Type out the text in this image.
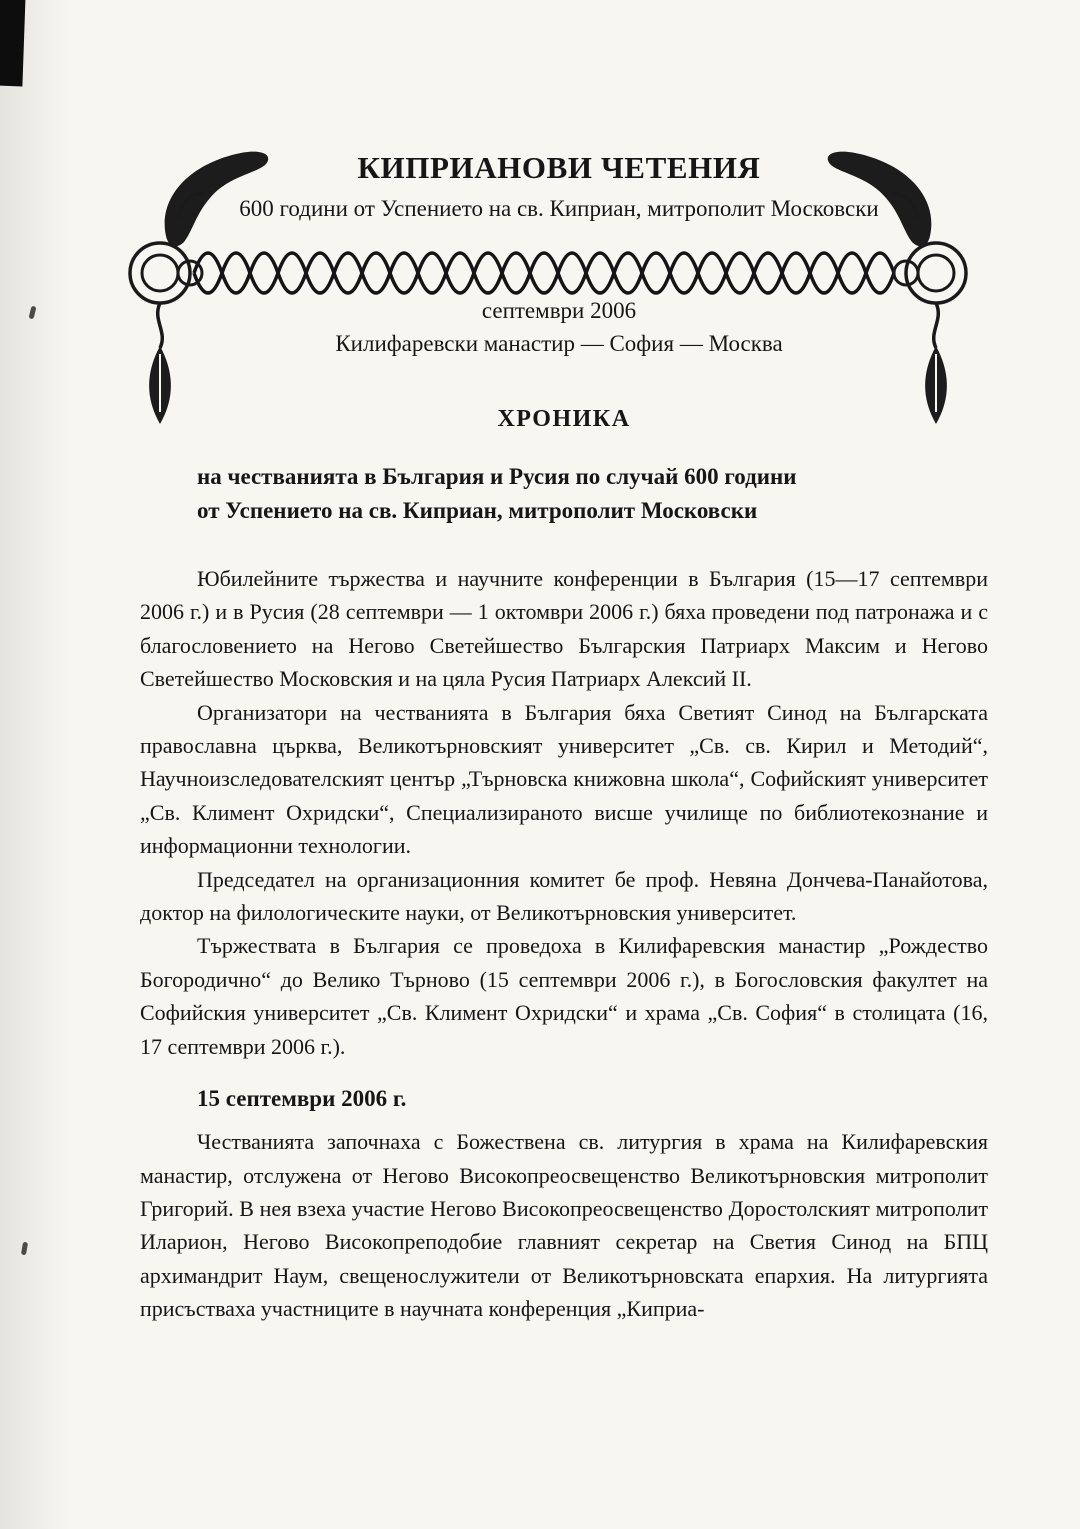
КИПРИАНОВИ ЧЕТЕНИЯ
600 години от Успението на св. Киприан, митрополит Московски
септември 2006
Килифаревски манастир — София — Москва
ХРОНИКА
на честванията в България и Русия по случай 600 години
от Успението на св. Киприан, митрополит Московски

Юбилейните тържества и научните конференции в България (15—17 септември 2006 г.) и в Русия (28 септември — 1 октомври 2006 г.) бяха проведени под патронажа и с благословението на Негово Светейшество Българския Патриарх Максим и Негово Светейшество Московския и на цяла Русия Патриарх Алексий II.

Организатори на честванията в България бяха Светият Синод на Българската православна църква, Великотърновският университет „Св. св. Кирил и Методий“, Научноизследователският център „Търновска книжовна школа“, Софийският университет „Св. Климент Охридски“, Специализираното висше училище по библиотекознание и информационни технологии.

Председател на организационния комитет бе проф. Невяна Дончева-Панайотова, доктор на филологическите науки, от Великотърновския университет.

Тържествата в България се проведоха в Килифаревския манастир „Рождество Богородично“ до Велико Търново (15 септември 2006 г.), в Богословския факултет на Софийския университет „Св. Климент Охридски“ и храма „Св. София“ в столицата (16, 17 септември 2006 г.).

15 септември 2006 г.

Честванията започнаха с Божествена св. литургия в храма на Килифаревския манастир, отслужена от Негово Високопреосвещенство Великотърновския митрополит Григорий. В нея взеха участие Негово Високопреосвещенство Доростолският митрополит Иларион, Негово Високопреподобие главният секретар на Светия Синод на БПЦ архимандрит Наум, свещенослужители от Великотърновската епархия. На литургията присъстваха участниците в научната конференция „Киприа-
